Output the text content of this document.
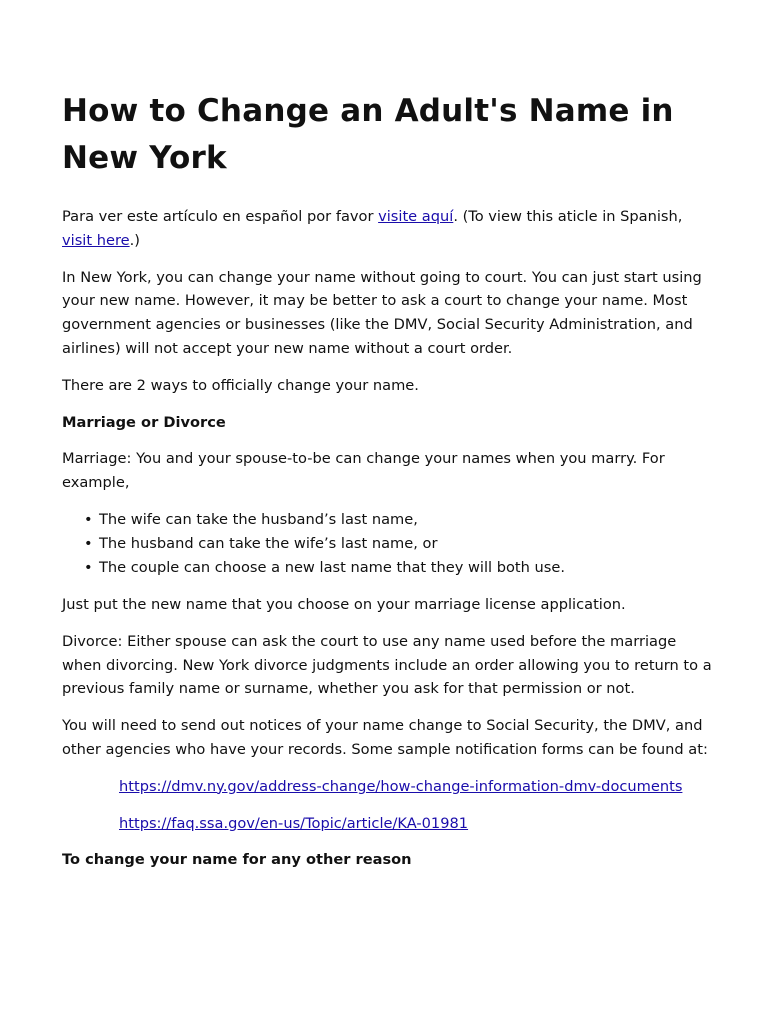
How to Change an Adult's Name in New York

Para ver este artículo en español por favor visite aquí. (To view this aticle in Spanish, visit here.)

In New York, you can change your name without going to court. You can just start using your new name. However, it may be better to ask a court to change your name. Most government agencies or businesses (like the DMV, Social Security Administration, and airlines) will not accept your new name without a court order.

There are 2 ways to officially change your name.

Marriage or Divorce

Marriage: You and your spouse-to-be can change your names when you marry. For example,

• The wife can take the husband’s last name,
• The husband can take the wife’s last name, or
• The couple can choose a new last name that they will both use.

Just put the new name that you choose on your marriage license application.

Divorce: Either spouse can ask the court to use any name used before the marriage when divorcing. New York divorce judgments include an order allowing you to return to a previous family name or surname, whether you ask for that permission or not.

You will need to send out notices of your name change to Social Security, the DMV, and other agencies who have your records. Some sample notification forms can be found at:

https://dmv.ny.gov/address-change/how-change-information-dmv-documents

https://faq.ssa.gov/en-us/Topic/article/KA-01981

To change your name for any other reason
